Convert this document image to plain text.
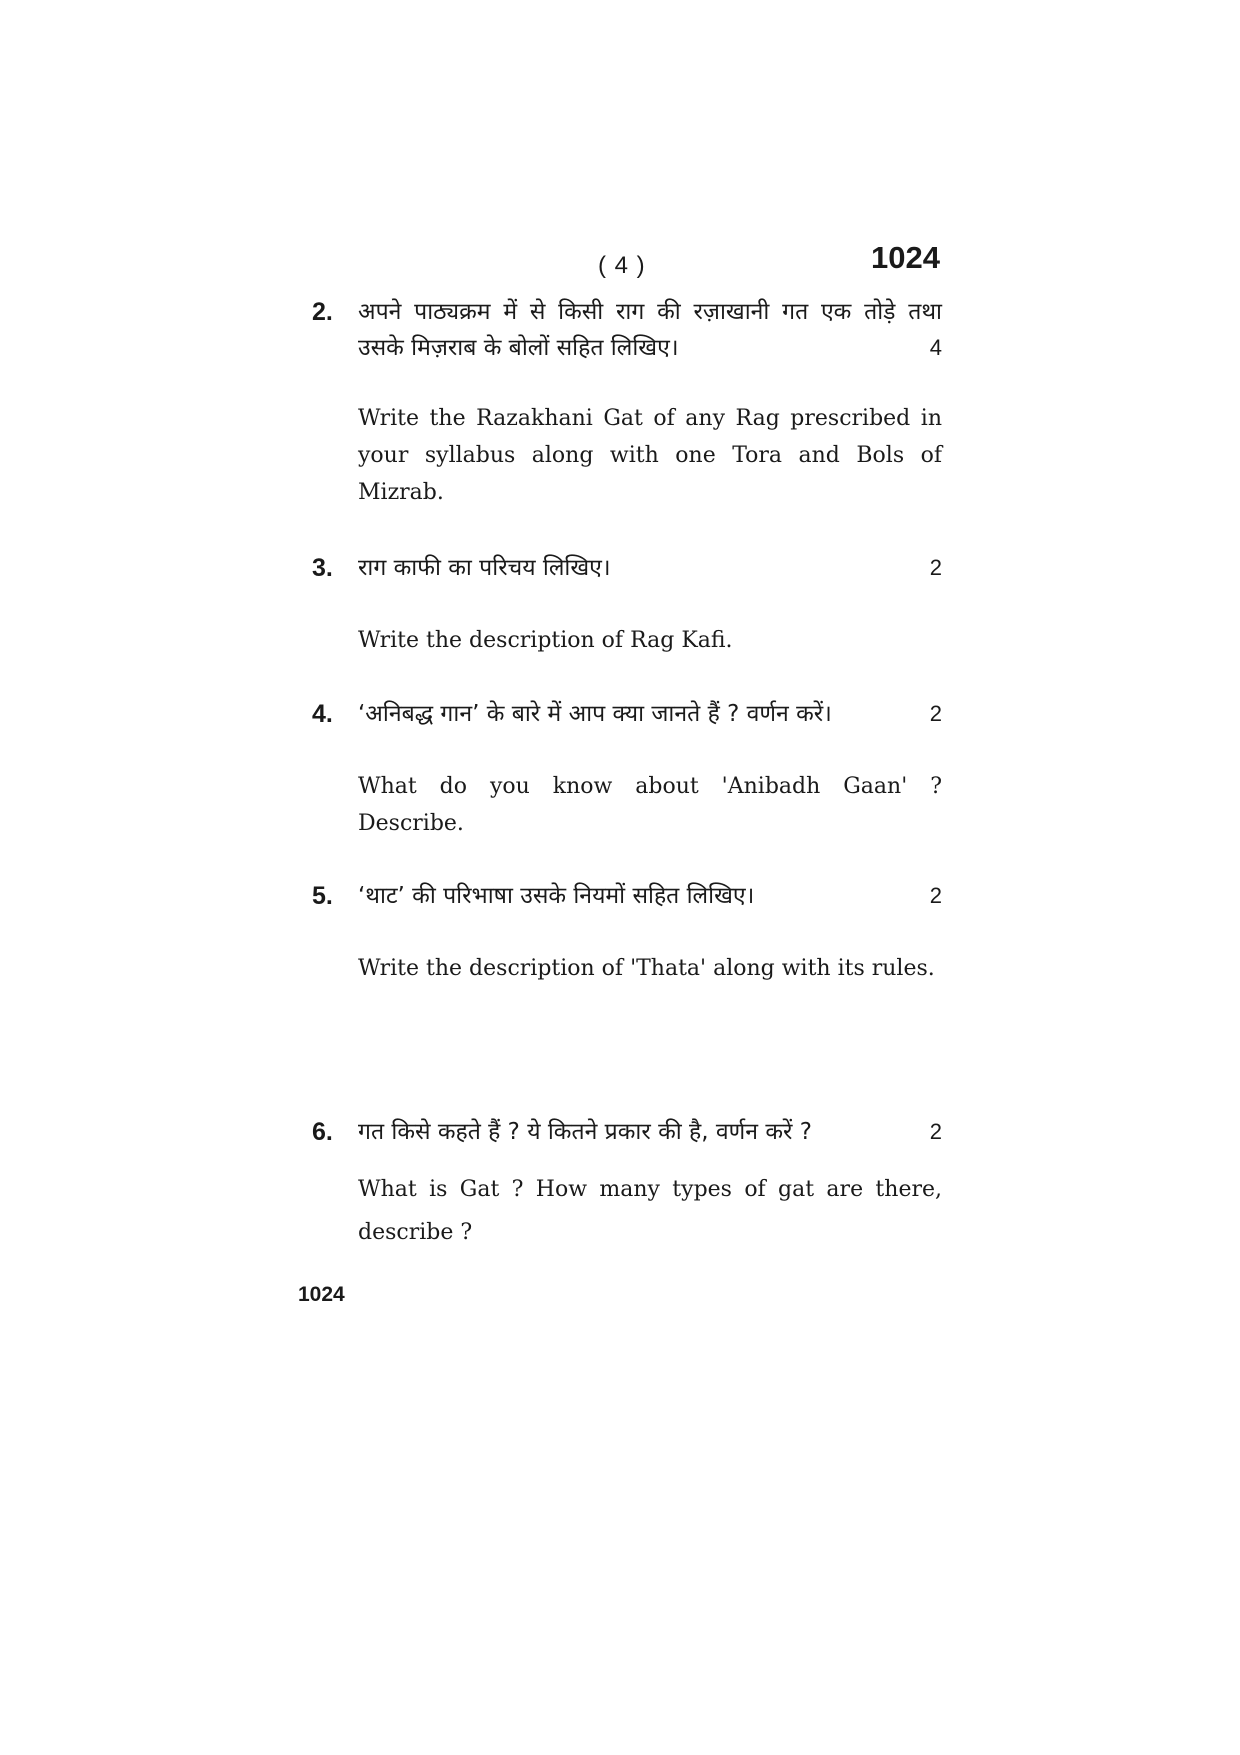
( 4 )	1024
2. अपने पाठ्यक्रम में से किसी राग की रज़ाखानी गत एक तोड़े तथा
उसके मिज़राब के बोलों सहित लिखिए।	4
Write the Razakhani Gat of any Rag prescribed in your syllabus along with one Tora and Bols of Mizrab.
3. राग काफी का परिचय लिखिए।	2
Write the description of Rag Kafi.
4. ‘अनिबद्ध गान’ के बारे में आप क्या जानते हैं ? वर्णन करें।	2
What do you know about 'Anibadh Gaan' ? Describe.
5. ‘थाट’ की परिभाषा उसके नियमों सहित लिखिए।	2
Write the description of 'Thata' along with its rules.
6. गत किसे कहते हैं ? ये कितने प्रकार की है, वर्णन करें ?	2
What is Gat ? How many types of gat are there, describe ?
1024
